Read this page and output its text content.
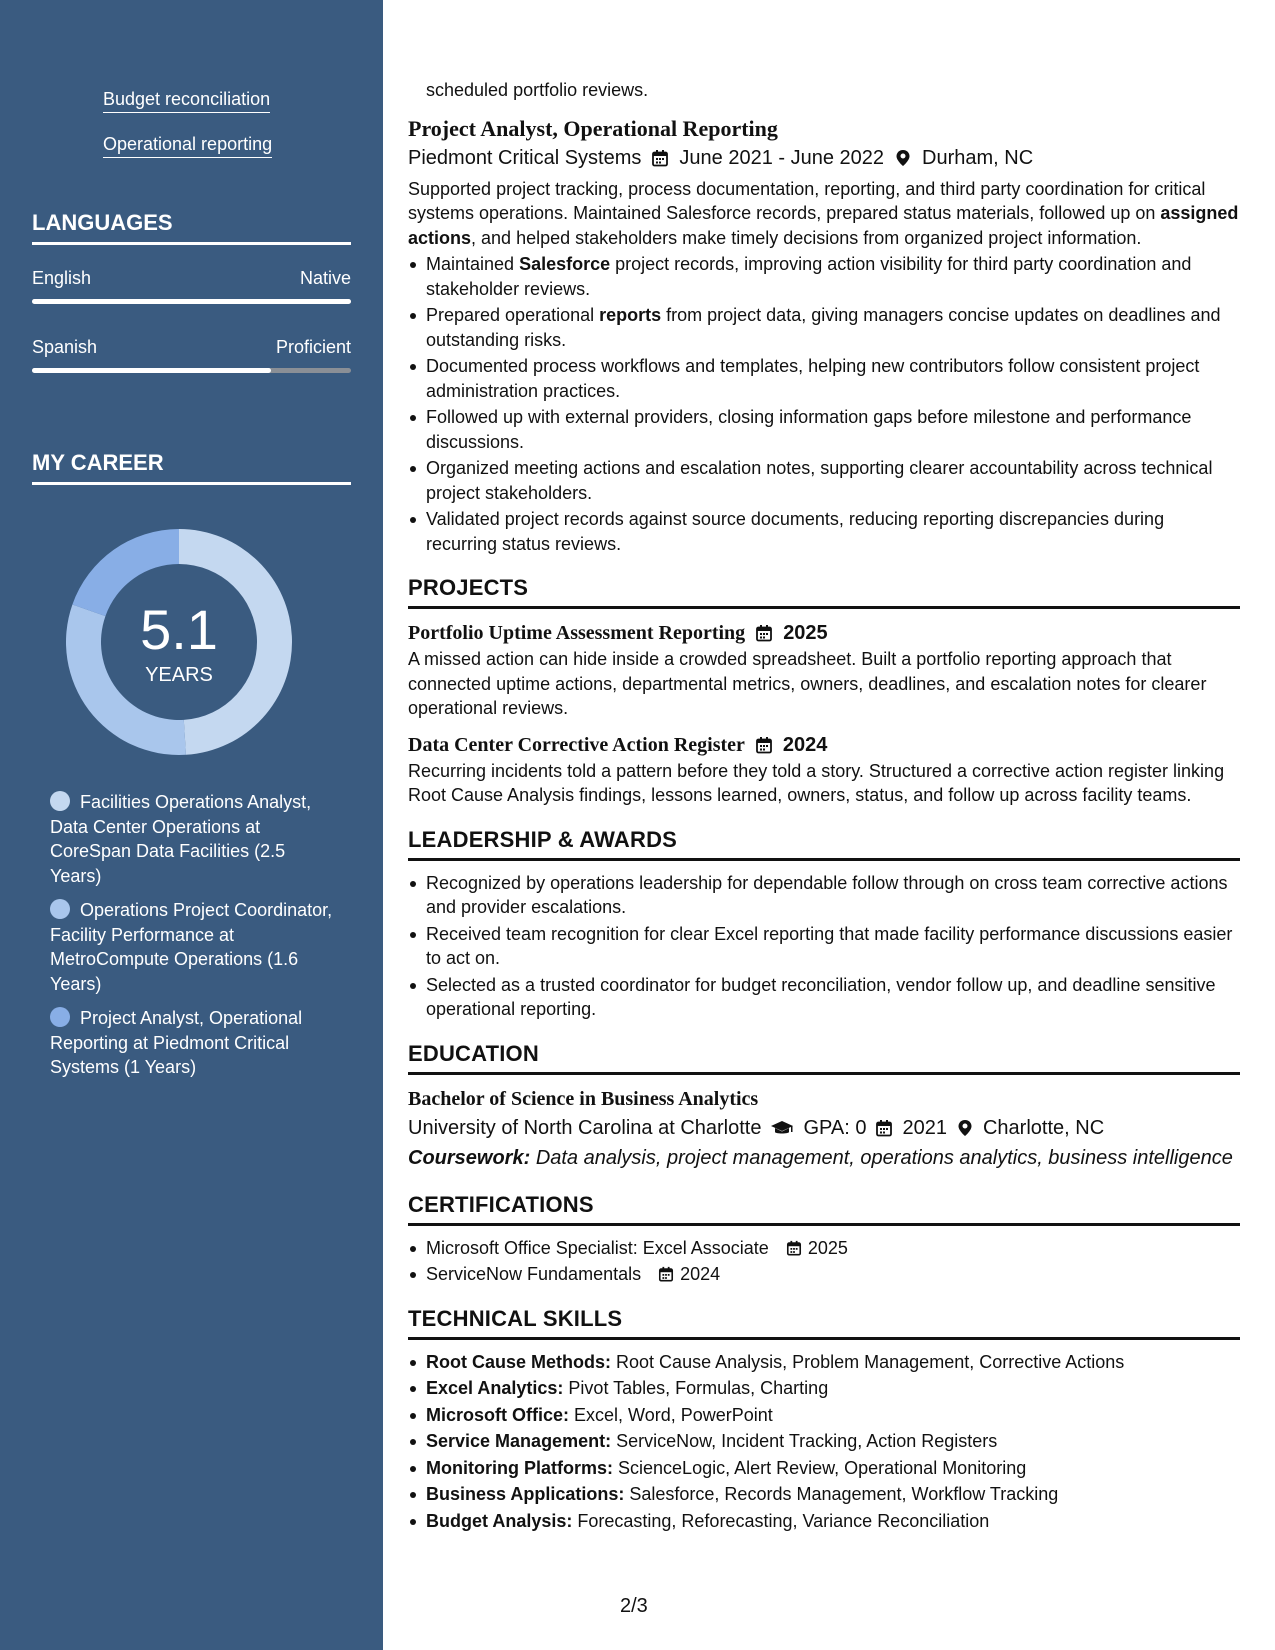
Budget reconciliation
Operational reporting
LANGUAGES
English	Native
Spanish	Proficient
MY CAREER
5.1
YEARS
Facilities Operations Analyst, Data Center Operations at CoreSpan Data Facilities (2.5 Years)
Operations Project Coordinator, Facility Performance at MetroCompute Operations (1.6 Years)
Project Analyst, Operational Reporting at Piedmont Critical Systems (1 Years)
scheduled portfolio reviews.
Project Analyst, Operational Reporting
Piedmont Critical Systems June 2021 - June 2022 Durham, NC
Supported project tracking, process documentation, reporting, and third party coordination for critical systems operations. Maintained Salesforce records, prepared status materials, followed up on assigned actions, and helped stakeholders make timely decisions from organized project information.
Maintained Salesforce project records, improving action visibility for third party coordination and stakeholder reviews.
Prepared operational reports from project data, giving managers concise updates on deadlines and outstanding risks.
Documented process workflows and templates, helping new contributors follow consistent project administration practices.
Followed up with external providers, closing information gaps before milestone and performance discussions.
Organized meeting actions and escalation notes, supporting clearer accountability across technical project stakeholders.
Validated project records against source documents, reducing reporting discrepancies during recurring status reviews.
PROJECTS
Portfolio Uptime Assessment Reporting 2025
A missed action can hide inside a crowded spreadsheet. Built a portfolio reporting approach that connected uptime actions, departmental metrics, owners, deadlines, and escalation notes for clearer operational reviews.
Data Center Corrective Action Register 2024
Recurring incidents told a pattern before they told a story. Structured a corrective action register linking Root Cause Analysis findings, lessons learned, owners, status, and follow up across facility teams.
LEADERSHIP & AWARDS
Recognized by operations leadership for dependable follow through on cross team corrective actions and provider escalations.
Received team recognition for clear Excel reporting that made facility performance discussions easier to act on.
Selected as a trusted coordinator for budget reconciliation, vendor follow up, and deadline sensitive operational reporting.
EDUCATION
Bachelor of Science in Business Analytics
University of North Carolina at Charlotte GPA: 0 2021 Charlotte, NC
Coursework: Data analysis, project management, operations analytics, business intelligence
CERTIFICATIONS
Microsoft Office Specialist: Excel Associate
2025
ServiceNow Fundamentals
2024
TECHNICAL SKILLS
Root Cause Methods: Root Cause Analysis, Problem Management, Corrective Actions
Excel Analytics: Pivot Tables, Formulas, Charting
Microsoft Office: Excel, Word, PowerPoint
Service Management: ServiceNow, Incident Tracking, Action Registers
Monitoring Platforms: ScienceLogic, Alert Review, Operational Monitoring
Business Applications: Salesforce, Records Management, Workflow Tracking
Budget Analysis: Forecasting, Reforecasting, Variance Reconciliation
2/3
